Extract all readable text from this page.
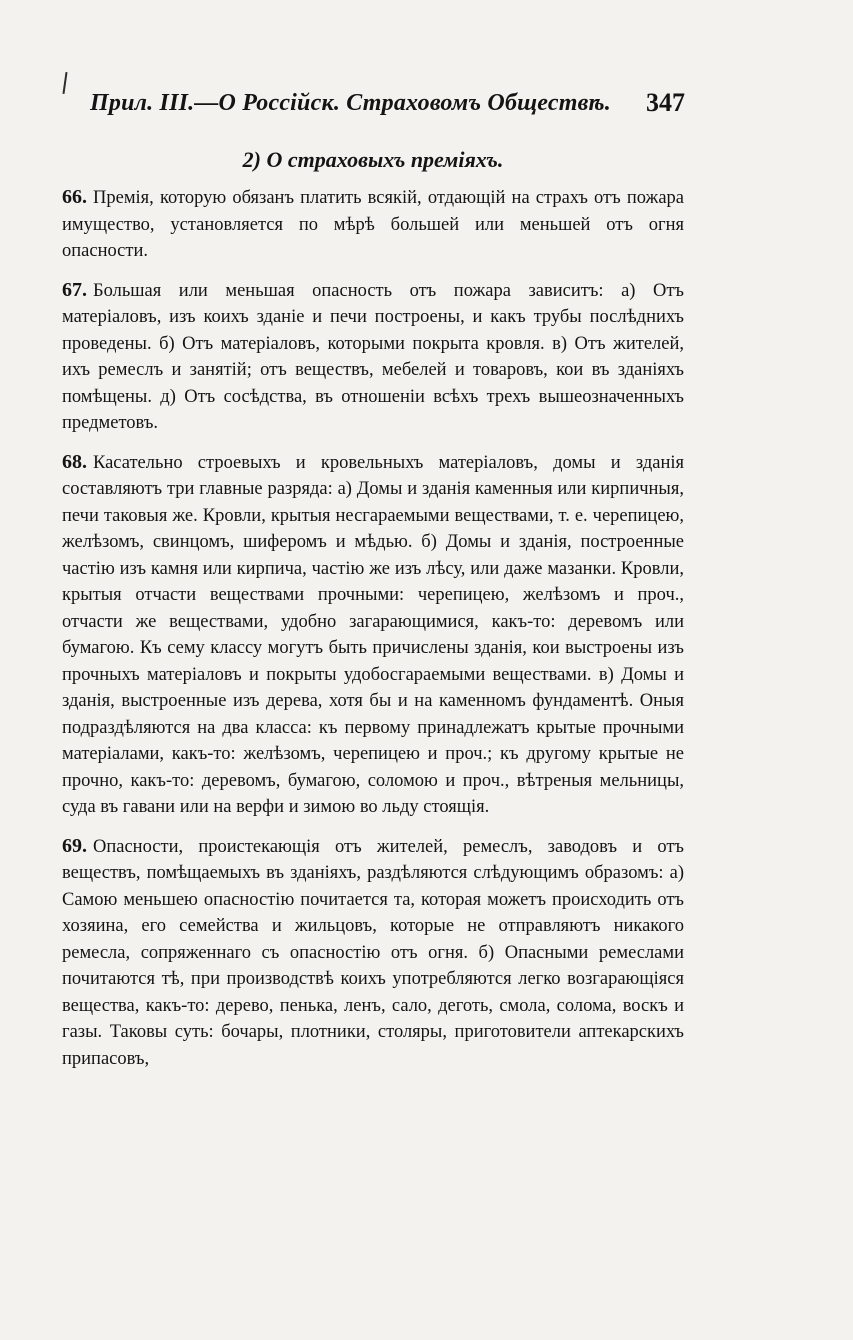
Прил. III.—О Россійск. Страховомъ Обществѣ. 347
2) О страховыхъ преміяхъ.

66. Премія, которую обязанъ платить всякій, отдающій на страхъ отъ пожара имущество, установляется по мѣрѣ большей или меньшей отъ огня опасности.

67. Большая или меньшая опасность отъ пожара зависитъ: а) Отъ матеріаловъ, изъ коихъ зданіе и печи построены, и какъ трубы послѣднихъ проведены. б) Отъ матеріаловъ, которыми покрыта кровля. в) Отъ жителей, ихъ ремеслъ и занятій; отъ веществъ, мебелей и товаровъ, кои въ зданіяхъ помѣщены. д) Отъ сосѣдства, въ отношеніи всѣхъ трехъ вышеозначенныхъ предметовъ.

68. Касательно строевыхъ и кровельныхъ матеріаловъ, домы и зданія составляютъ три главные разряда: а) Домы и зданія каменныя или кирпичныя, печи таковыя же. Кровли, крытыя несгараемыми веществами, т. е. черепицею, желѣзомъ, свинцомъ, шиферомъ и мѣдью. б) Домы и зданія, построенные частію изъ камня или кирпича, частію же изъ лѣсу, или даже мазанки. Кровли, крытыя отчасти веществами прочными: черепицею, желѣзомъ и проч., отчасти же веществами, удобно загарающимися, какъ-то: деревомъ или бумагою. Къ сему классу могутъ быть причислены зданія, кои выстроены изъ прочныхъ матеріаловъ и покрыты удобосгараемыми веществами. в) Домы и зданія, выстроенные изъ дерева, хотя бы и на каменномъ фундаментѣ. Оныя подраздѣляются на два класса: къ первому принадлежатъ крытые прочными матеріалами, какъ-то: желѣзомъ, черепицею и проч.; къ другому крытые не прочно, какъ-то: деревомъ, бумагою, соломою и проч., вѣтреныя мельницы, суда въ гавани или на верфи и зимою во льду стоящія.

69. Опасности, проистекающія отъ жителей, ремеслъ, заводовъ и отъ веществъ, помѣщаемыхъ въ зданіяхъ, раздѣляются слѣдующимъ образомъ: а) Самою меньшею опасностію почитается та, которая можетъ происходить отъ хозяина, его семейства и жильцовъ, которые не отправляютъ никакого ремесла, сопряженнаго съ опасностію отъ огня. б) Опасными ремеслами почитаются тѣ, при производствѣ коихъ употребляются легко возгарающіяся вещества, какъ-то: дерево, пенька, ленъ, сало, деготь, смола, солома, воскъ и газы. Таковы суть: бочары, плотники, столяры, приготовители аптекарскихъ припасовъ,
